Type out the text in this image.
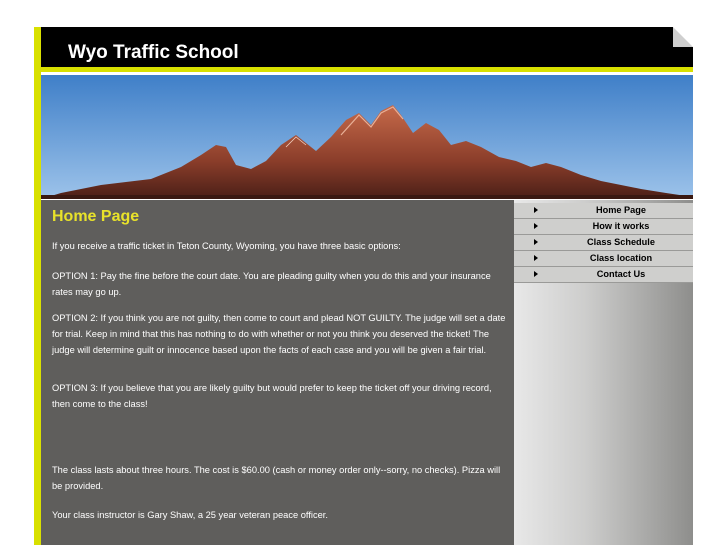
Wyo Traffic School
Home Page

If you receive a traffic ticket in Teton County, Wyoming, you have three basic options:

OPTION 1: Pay the fine before the court date. You are pleading guilty when you do this and your insurance rates may go up.

OPTION 2: If you think you are not guilty, then come to court and plead NOT GUILTY. The judge will set a date for trial. Keep in mind that this has nothing to do with whether or not you think you deserved the ticket! The judge will determine guilt or innocence based upon the facts of each case and you will be given a fair trial.

OPTION 3: If you believe that you are likely guilty but would prefer to keep the ticket off your driving record, then come to the class!

The class lasts about three hours. The cost is $60.00 (cash or money order only--sorry, no checks). Pizza will be provided.

Your class instructor is Gary Shaw, a 25 year veteran peace officer.

Home Page
How it works
Class Schedule
Class location
Contact Us
